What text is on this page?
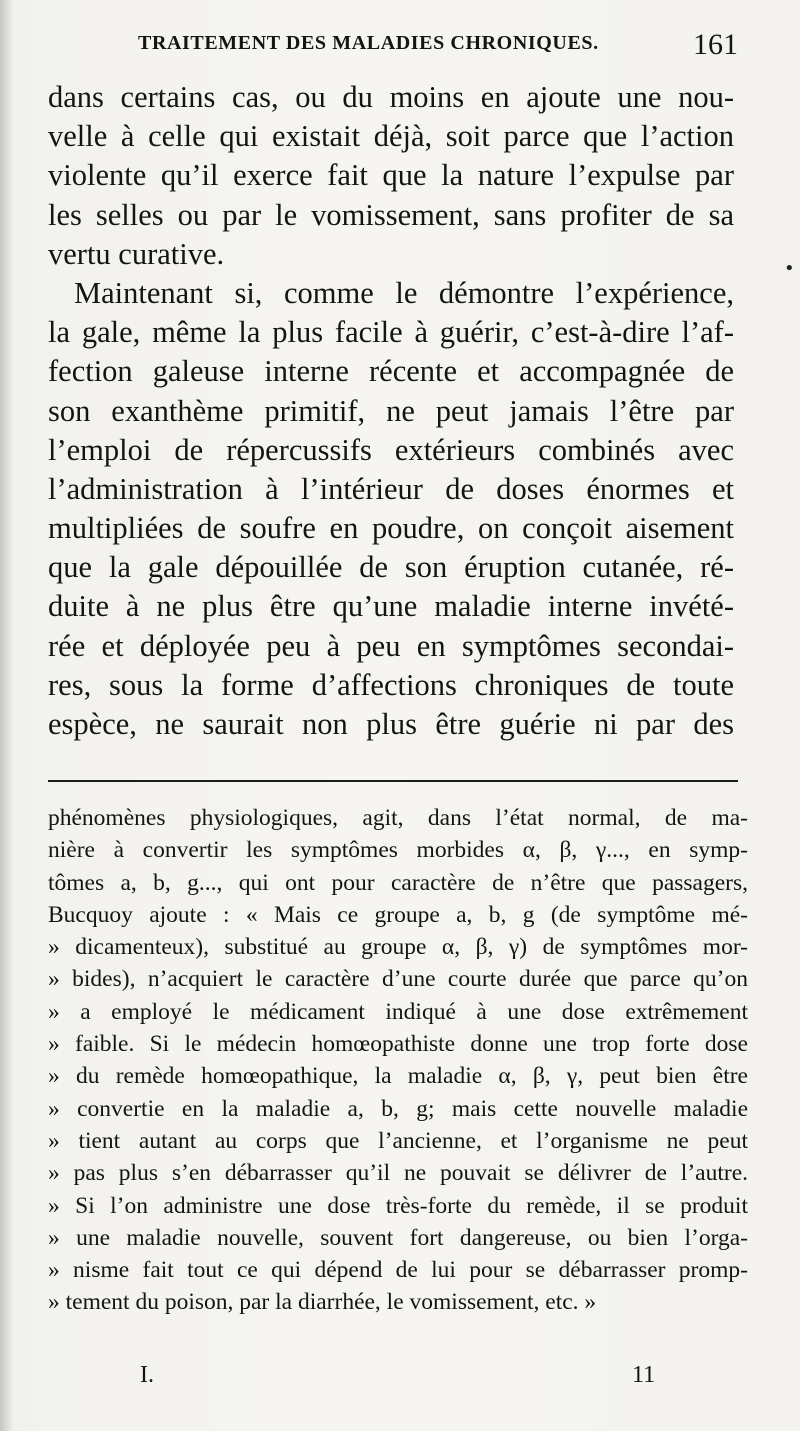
TRAITEMENT DES MALADIES CHRONIQUES.	161
dans certains cas, ou du moins en ajoute une nou-
velle à celle qui existait déjà, soit parce que l’action
violente qu’il exerce fait que la nature l’expulse par
les selles ou par le vomissement, sans profiter de sa
vertu curative.
Maintenant si, comme le démontre l’expérience,
la gale, même la plus facile à guérir, c’est-à-dire l’af-
fection galeuse interne récente et accompagnée de
son exanthème primitif, ne peut jamais l’être par
l’emploi de répercussifs extérieurs combinés avec
l’administration à l’intérieur de doses énormes et
multipliées de soufre en poudre, on conçoit aisement
que la gale dépouillée de son éruption cutanée, ré-
duite à ne plus être qu’une maladie interne invété-
rée et déployée peu à peu en symptômes secondai-
res, sous la forme d’affections chroniques de toute
espèce, ne saurait non plus être guérie ni par des
phénomènes physiologiques, agit, dans l’état normal, de ma-
nière à convertir les symptômes morbides α, β, γ..., en symp-
tômes a, b, g..., qui ont pour caractère de n’être que passagers,
Bucquoy ajoute : « Mais ce groupe a, b, g (de symptôme mé-
» dicamenteux), substitué au groupe α, β, γ) de symptômes mor-
» bides), n’acquiert le caractère d’une courte durée que parce qu’on
» a employé le médicament indiqué à une dose extrêmement
» faible. Si le médecin homœopathiste donne une trop forte dose
» du remède homœopathique, la maladie α, β, γ, peut bien être
» convertie en la maladie a, b, g; mais cette nouvelle maladie
» tient autant au corps que l’ancienne, et l’organisme ne peut
» pas plus s’en débarrasser qu’il ne pouvait se délivrer de l’autre.
» Si l’on administre une dose très-forte du remède, il se produit
» une maladie nouvelle, souvent fort dangereuse, ou bien l’orga-
» nisme fait tout ce qui dépend de lui pour se débarrasser promp-
» tement du poison, par la diarrhée, le vomissement, etc. »
I.	11
•
